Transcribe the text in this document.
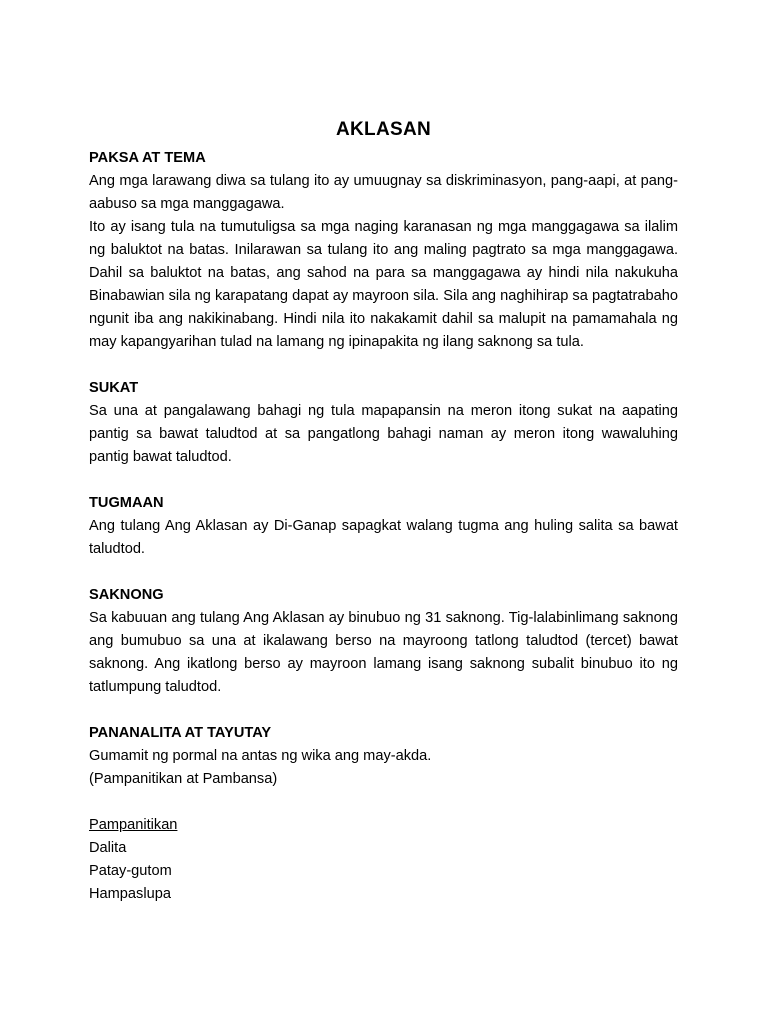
AKLASAN

PAKSA AT TEMA

Ang mga larawang diwa sa tulang ito ay umuugnay sa diskriminasyon, pang-aapi, at pang-aabuso sa mga manggagawa.

Ito ay isang tula na tumutuligsa sa mga naging karanasan ng mga manggagawa sa ilalim ng baluktot na batas. Inilarawan sa tulang ito ang maling pagtrato sa mga manggagawa. Dahil sa baluktot na batas, ang sahod na para sa manggagawa ay hindi nila nakukuha Binabawian sila ng karapatang dapat ay mayroon sila. Sila ang naghihirap sa pagtatrabaho ngunit iba ang nakikinabang. Hindi nila ito nakakamit dahil sa malupit na pamamahala ng may kapangyarihan tulad na lamang ng ipinapakita ng ilang saknong sa tula.

SUKAT

Sa una at pangalawang bahagi ng tula mapapansin na meron itong sukat na aapating pantig sa bawat taludtod at sa pangatlong bahagi naman ay meron itong wawaluhing pantig bawat taludtod.

TUGMAAN

Ang tulang Ang Aklasan ay Di-Ganap sapagkat walang tugma ang huling salita sa bawat taludtod.

SAKNONG

Sa kabuuan ang tulang Ang Aklasan ay binubuo ng 31 saknong. Tig-lalabinlimang saknong ang bumubuo sa una at ikalawang berso na mayroong tatlong taludtod (tercet) bawat saknong. Ang ikatlong berso ay mayroon lamang isang saknong subalit binubuo ito ng tatlumpung taludtod.

PANANALITA AT TAYUTAY

Gumamit ng pormal na antas ng wika ang may-akda.

(Pampanitikan at Pambansa)

Pampanitikan

Dalita

Patay-gutom

Hampaslupa
